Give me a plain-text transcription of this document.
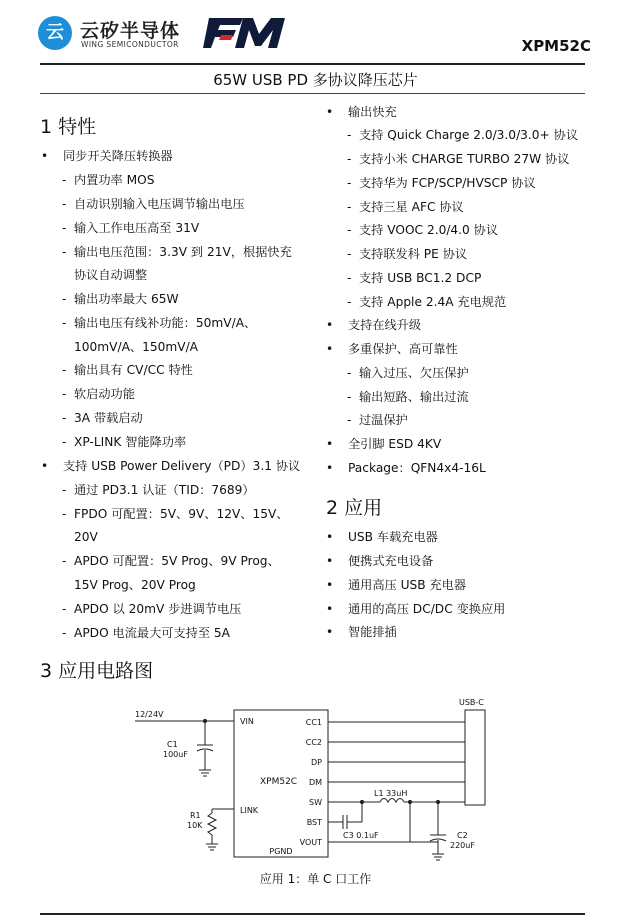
云 云矽半导体
WING SEMICONDUCTOR	XPM52C
65W USB PD 多协议降压芯片
1 特性
• 同步开关降压转换器
- 内置功率 MOS
- 自动识别输入电压调节输出电压
- 输入工作电压高至 31V
- 输出电压范围：3.3V 到 21V，根据快充
协议自动调整
- 输出功率最大 65W
- 输出电压有线补功能：50mV/A、
100mV/A、150mV/A
- 输出具有 CV/CC 特性
- 软启动功能
- 3A 带载启动
- XP-LINK 智能降功率
• 支持 USB Power Delivery（PD）3.1 协议
- 通过 PD3.1 认证（TID：7689）
- FPDO 可配置：5V、9V、12V、15V、
20V
- APDO 可配置：5V Prog、9V Prog、
15V Prog、20V Prog
- APDO 以 20mV 步进调节电压
- APDO 电流最大可支持至 5A
• 输出快充
- 支持 Quick Charge 2.0/3.0/3.0+ 协议
- 支持小米 CHARGE TURBO 27W 协议
- 支持华为 FCP/SCP/HVSCP 协议
- 支持三星 AFC 协议
- 支持 VOOC 2.0/4.0 协议
- 支持联发科 PE 协议
- 支持 USB BC1.2 DCP
- 支持 Apple 2.4A 充电规范
• 支持在线升级
• 多重保护、高可靠性
- 输入过压、欠压保护
- 输出短路、输出过流
- 过温保护
• 全引脚 ESD 4KV
• Package：QFN4x4-16L
2 应用
• USB 车载充电器
• 便携式充电设备
• 通用高压 USB 充电器
• 通用的高压 DC/DC 变换应用
• 智能排插
3 应用电路图
12/24V
C1
100uF
VIN
LINK
XPM52C
CC1
CC2
DP
DM
SW
BST
VOUT
PGND
R1
10K
USB-C
L1 33uH
C3 0.1uF	C2
220uF
应用 1：单 C 口工作
